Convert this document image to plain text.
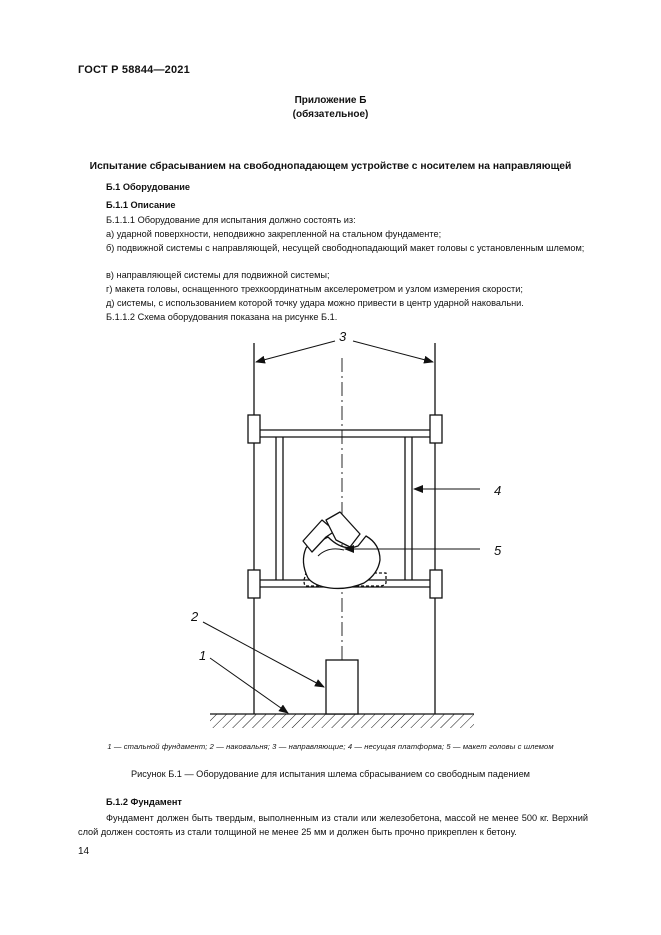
ГОСТ Р 58844—2021
Приложение Б
(обязательное)
Испытание сбрасыванием на свободнопадающем устройстве с носителем на направляющей
Б.1 Оборудование
Б.1.1 Описание
Б.1.1.1 Оборудование для испытания должно состоять из:
а) ударной поверхности, неподвижно закрепленной на стальном фундаменте;
б) подвижной системы с направляющей, несущей свободнопадающий макет головы с установленным шлемом;
в) направляющей системы для подвижной системы;
г) макета головы, оснащенного трехкоординатным акселерометром и узлом измерения скорости;
д) системы, с использованием которой точку удара можно привести в центр ударной наковальни.
Б.1.1.2 Схема оборудования показана на рисунке Б.1.
1
2
3
4
5
1 — стальной фундамент; 2 — наковальня; 3 — направляющие; 4 — несущая платформа; 5 — макет головы с шлемом
Рисунок Б.1 — Оборудование для испытания шлема сбрасыванием со свободным падением
Б.1.2 Фундамент
Фундамент должен быть твердым, выполненным из стали или железобетона, массой не менее 500 кг. Верхний слой должен состоять из стали толщиной не менее 25 мм и должен быть прочно прикреплен к бетону.
14
